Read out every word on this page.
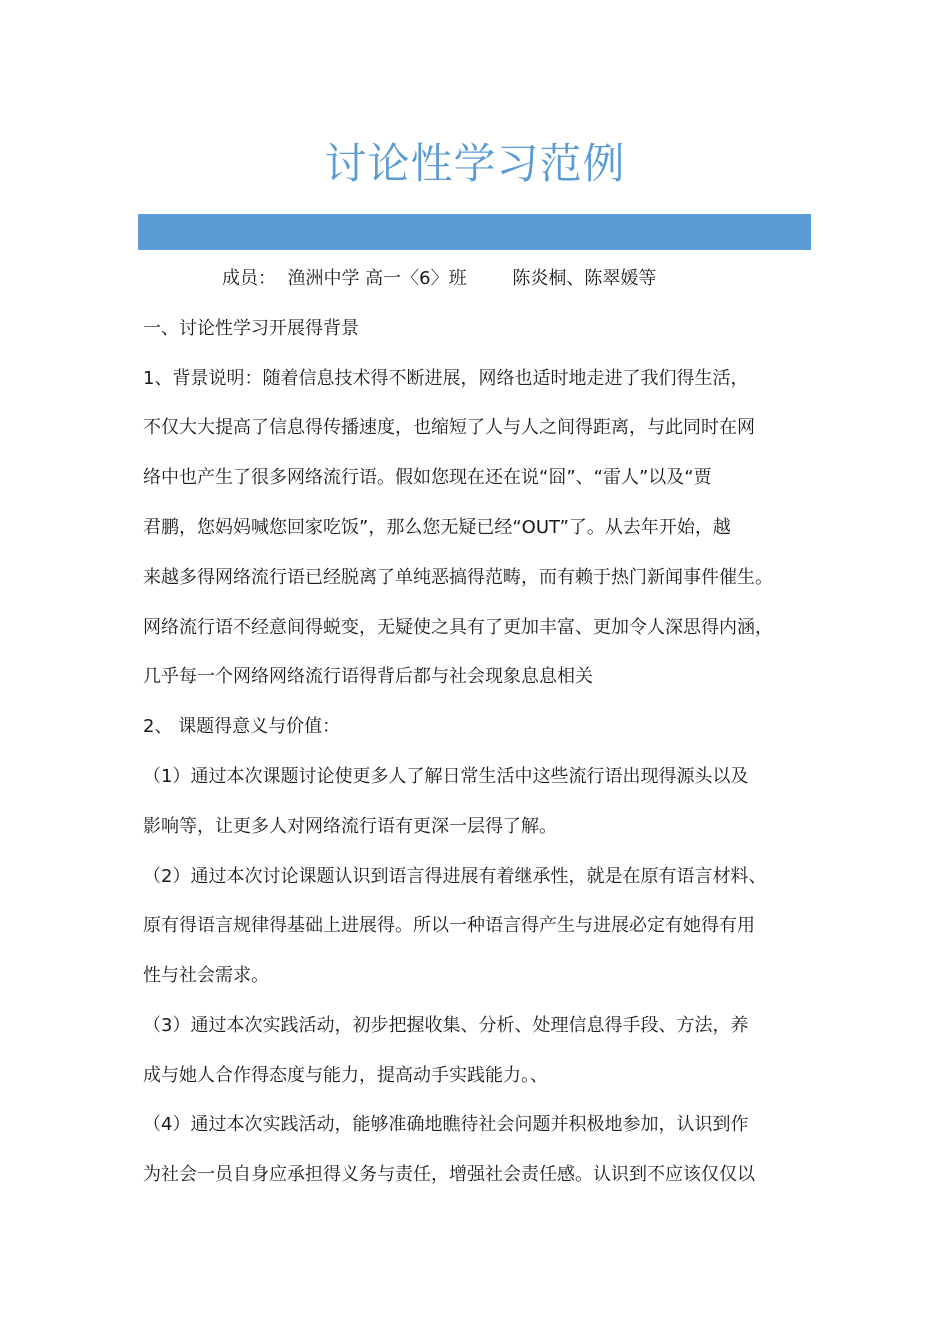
讨论性学习范例
成员：  渔洲中学 高一〈6〉班        陈炎桐、陈翠媛等
一、讨论性学习开展得背景
1、背景说明：随着信息技术得不断进展，网络也适时地走进了我们得生活，
不仅大大提高了信息得传播速度，也缩短了人与人之间得距离，与此同时在网
络中也产生了很多网络流行语。假如您现在还在说“囧”、“雷人”以及“贾
君鹏，您妈妈喊您回家吃饭”，那么您无疑已经“OUT”了。从去年开始，越
来越多得网络流行语已经脱离了单纯恶搞得范畴，而有赖于热门新闻事件催生。
网络流行语不经意间得蜕变，无疑使之具有了更加丰富、更加令人深思得内涵，
几乎每一个网络网络流行语得背后都与社会现象息息相关
2、 课题得意义与价值：
（1）通过本次课题讨论使更多人了解日常生活中这些流行语出现得源头以及
影响等，让更多人对网络流行语有更深一层得了解。
（2）通过本次讨论课题认识到语言得进展有着继承性，就是在原有语言材料、
原有得语言规律得基础上进展得。所以一种语言得产生与进展必定有她得有用
性与社会需求。
（3）通过本次实践活动，初步把握收集、分析、处理信息得手段、方法，养
成与她人合作得态度与能力，提高动手实践能力。、
（4）通过本次实践活动，能够准确地瞧待社会问题并积极地参加，认识到作
为社会一员自身应承担得义务与责任，增强社会责任感。认识到不应该仅仅以
